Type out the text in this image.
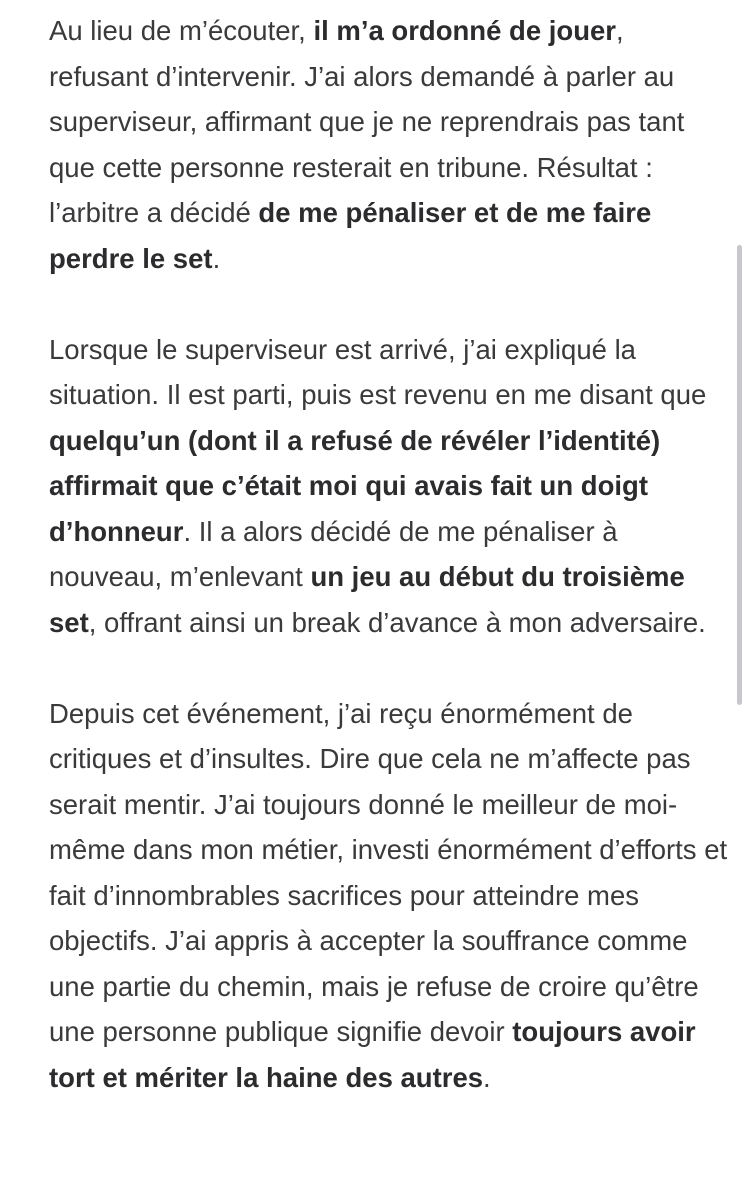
Au lieu de m’écouter, il m’a ordonné de jouer, refusant d’intervenir. J’ai alors demandé à parler au superviseur, affirmant que je ne reprendrais pas tant que cette personne resterait en tribune. Résultat : l’arbitre a décidé de me pénaliser et de me faire perdre le set.

Lorsque le superviseur est arrivé, j’ai expliqué la situation. Il est parti, puis est revenu en me disant que quelqu’un (dont il a refusé de révéler l’identité) affirmait que c’était moi qui avais fait un doigt d’honneur. Il a alors décidé de me pénaliser à nouveau, m’enlevant un jeu au début du troisième set, offrant ainsi un break d’avance à mon adversaire.

Depuis cet événement, j’ai reçu énormément de critiques et d’insultes. Dire que cela ne m’affecte pas serait mentir. J’ai toujours donné le meilleur de moi-même dans mon métier, investi énormément d’efforts et fait d’innombrables sacrifices pour atteindre mes objectifs. J’ai appris à accepter la souffrance comme une partie du chemin, mais je refuse de croire qu’être une personne publique signifie devoir toujours avoir tort et mériter la haine des autres.
